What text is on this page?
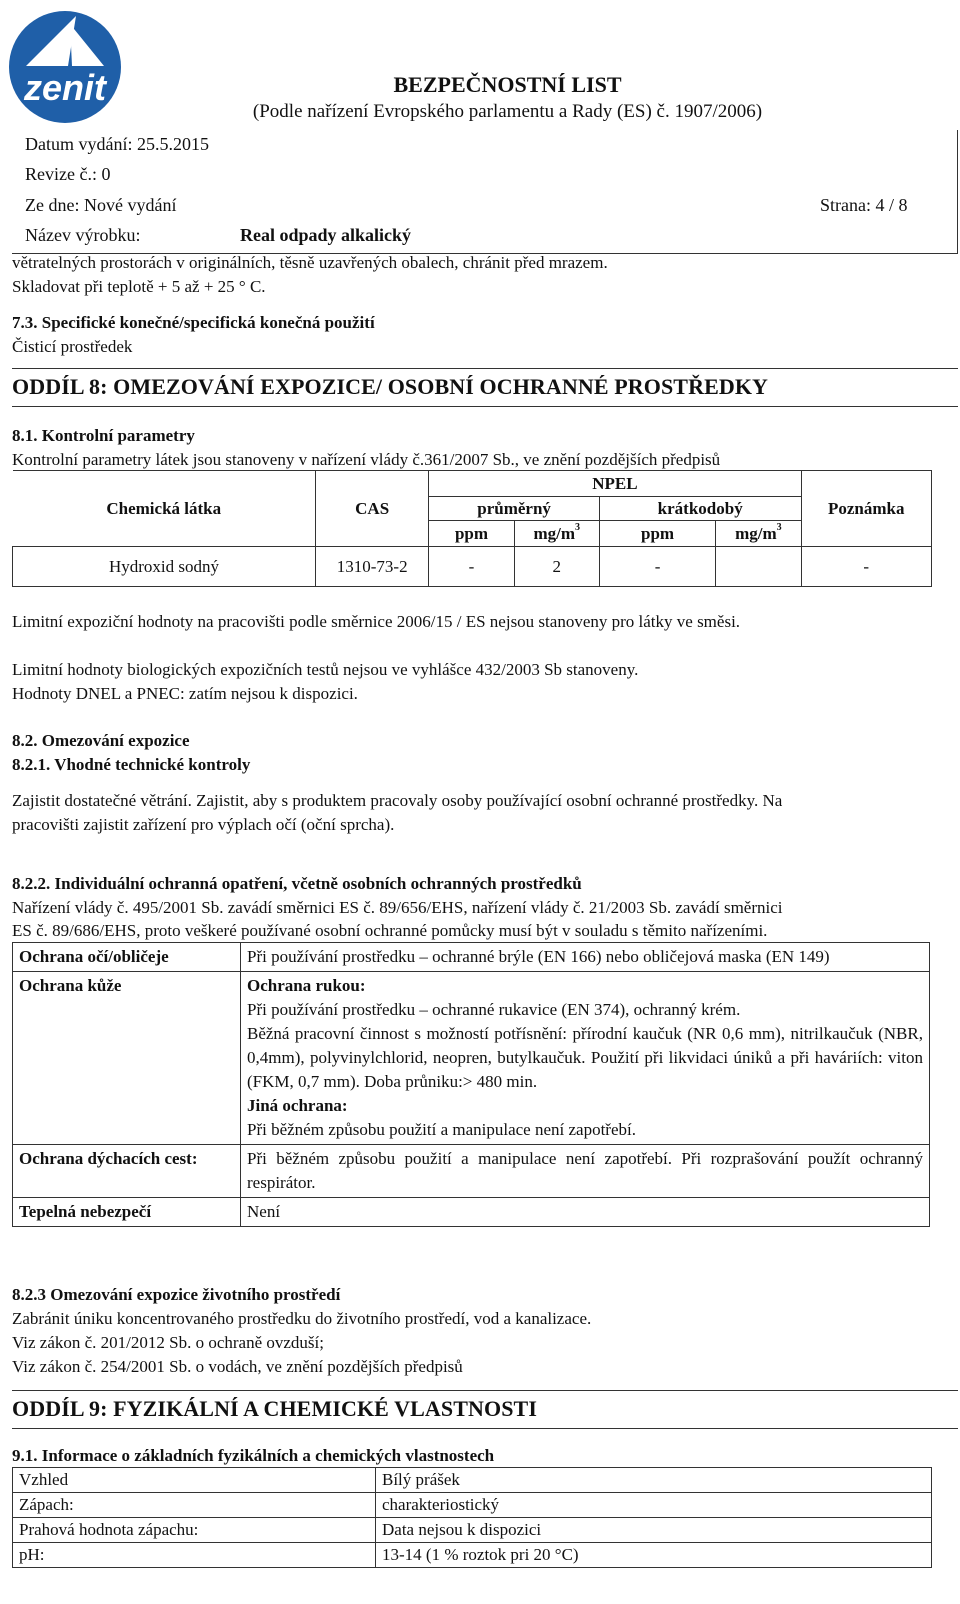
zenit	BEZPEČNOSTNÍ LIST
(Podle nařízení Evropského parlamentu a Rady (ES) č. 1907/2006)
Datum vydání: 25.5.2015
Revize č.: 0
Ze dne: Nové vydání	Strana: 4 / 8
Název výrobku:	Real odpady alkalický
větratelných prostorách v originálních, těsně uzavřených obalech, chránit před mrazem.
Skladovat při teplotě + 5 až + 25 ° C.
7.3. Specifické konečné/specifická konečná použití
Čisticí prostředek
ODDÍL 8: OMEZOVÁNÍ EXPOZICE/ OSOBNÍ OCHRANNÉ PROSTŘEDKY
8.1. Kontrolní parametry
Kontrolní parametry látek jsou stanoveny v nařízení vlády č.361/2007 Sb., ve znění pozdějších předpisů
Chemická látka	CAS	NPEL				Poznámka
		průměrný		krátkodobý		
		ppm	$mg/m^3$	ppm	$mg/m^3$
Hydroxid sodný	1310-73-2	-	2	-		-
Limitní expoziční hodnoty na pracovišti podle směrnice 2006/15 / ES nejsou stanoveny pro látky ve směsi.
Limitní hodnoty biologických expozičních testů nejsou ve vyhlášce 432/2003 Sb stanoveny.
Hodnoty DNEL a PNEC: zatím nejsou k dispozici.
8.2. Omezování expozice
8.2.1. Vhodné technické kontroly
Zajistit dostatečné větrání. Zajistit, aby s produktem pracovaly osoby používající osobní ochranné prostředky. Na
pracovišti zajistit zařízení pro výplach očí (oční sprcha).
8.2.2. Individuální ochranná opatření, včetně osobních ochranných prostředků
Nařízení vlády č. 495/2001 Sb. zavádí směrnici ES č. 89/656/EHS, nařízení vlády č. 21/2003 Sb. zavádí směrnici
ES č. 89/686/EHS, proto veškeré používané osobní ochranné pomůcky musí být v souladu s těmito nařízeními.
Ochrana očí/obličeje	Při používání prostředku – ochranné brýle (EN 166) nebo obličejová maska (EN 149)
Ochrana kůže	Ochrana rukou:
Při používání prostředku – ochranné rukavice (EN 374), ochranný krém.
Běžná pracovní činnost s možností potřísnění: přírodní kaučuk (NR 0,6 mm), nitrilkaučuk (NBR, 0,4mm), polyvinylchlorid, neopren, butylkaučuk. Použití při likvidaci úniků a při haváriích: viton (FKM, 0,7 mm). Doba průniku:> 480 min.
Jiná ochrana:
Při běžném způsobu použití a manipulace není zapotřebí.

Ochrana dýchacích cest:	Při běžném způsobu použití a manipulace není zapotřebí. Při rozprašování použít ochranný respirátor.
Tepelná nebezpečí	Není
8.2.3 Omezování expozice životního prostředí
Zabránit úniku koncentrovaného prostředku do životního prostředí, vod a kanalizace.
Viz zákon č. 201/2012 Sb. o ochraně ovzduší;
Viz zákon č. 254/2001 Sb. o vodách, ve znění pozdějších předpisů
ODDÍL 9: FYZIKÁLNÍ A CHEMICKÉ VLASTNOSTI
9.1. Informace o základních fyzikálních a chemických vlastnostech
Vzhled	Bílý prášek
Zápach:	charakteriostický
Prahová hodnota zápachu:	Data nejsou k dispozici
pH:	13-14 (1 % roztok pri 20 °C)
